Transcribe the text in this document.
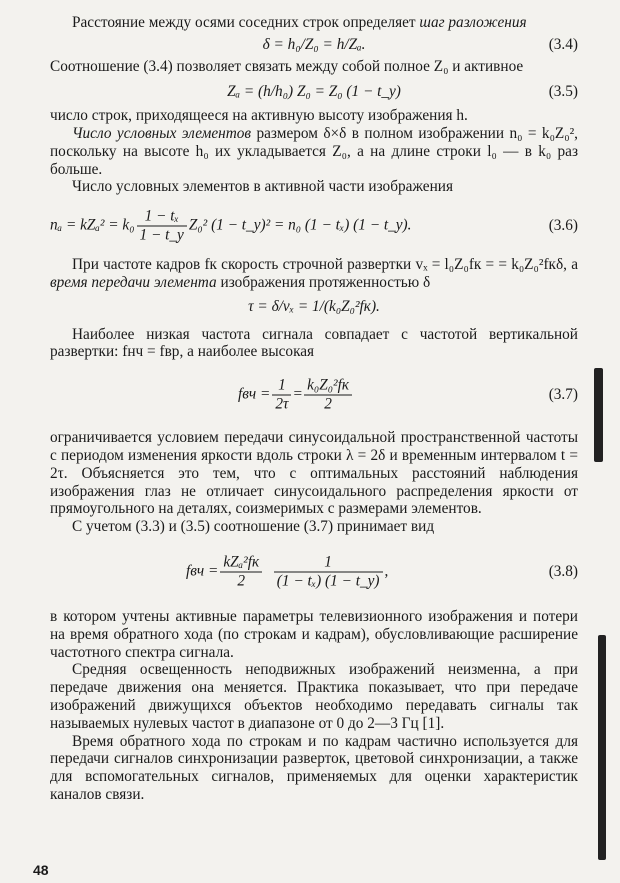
Расстояние между осями соседних строк определяет шаг разложения

δ = h₀/Z₀ = h/Zₐ.	(3.4)

Соотношение (3.4) позволяет связать между собой полное Z₀ и активное

Zₐ = (h/h₀) Z₀ = Z₀ (1 − t_y)	(3.5)

число строк, приходящееся на активную высоту изображения h.

Число условных элементов размером δ×δ в полном изображении n₀ = k₀Z₀², поскольку на высоте h₀ их укладывается Z₀, а на длине строки l₀ — в k₀ раз больше.

Число условных элементов в активной части изображения

$n_a = kZ_a^2 = k_0 \frac{\text{1 − tₓ}}{1 - t\_y} Z_0^2$ (1 − t_y)² = n₀ (1 − tₓ) (1 − t_y).	(3.6)

При частоте кадров fк скорость строчной развертки vₓ = l₀Z₀fк = = k₀Z₀²fкδ, а время передачи элемента изображения протяженностью δ

τ = δ/vₓ = 1/(k₀Z₀²fк).

Наиболее низкая частота сигнала совпадает с частотой вертикальной развертки: fнч = fвр, а наиболее высокая

fвч = $\frac{1}{2\tau} = \frac{\text{k₀Z₀²fк}}{2}$	(3.7)

ограничивается условием передачи синусоидальной пространственной частоты с периодом изменения яркости вдоль строки λ = 2δ и временным интервалом t = 2τ. Объясняется это тем, что с оптимальных расстояний наблюдения изображения глаз не отличает синусоидального распределения яркости от прямоугольного на деталях, соизмеримых с размерами элементов.

С учетом (3.3) и (3.5) соотношение (3.7) принимает вид

fвч = $\frac{\text{kZₐ²fк}}{2}$
$\frac{1}{\text{(1 − tₓ) (1 − t\_y)}}$ ,	(3.8)

в котором учтены активные параметры телевизионного изображения и потери на время обратного хода (по строкам и кадрам), обусловливающие расширение частотного спектра сигнала.

Средняя освещенность неподвижных изображений неизменна, а при передаче движения она меняется. Практика показывает, что при передаче изображений движущихся объектов необходимо передавать сигналы так называемых нулевых частот в диапазоне от 0 до 2—3 Гц [1].

Время обратного хода по строкам и по кадрам частично используется для передачи сигналов синхронизации разверток, цветовой синхронизации, а также для вспомогательных сигналов, применяемых для оценки характеристик каналов связи.

48
